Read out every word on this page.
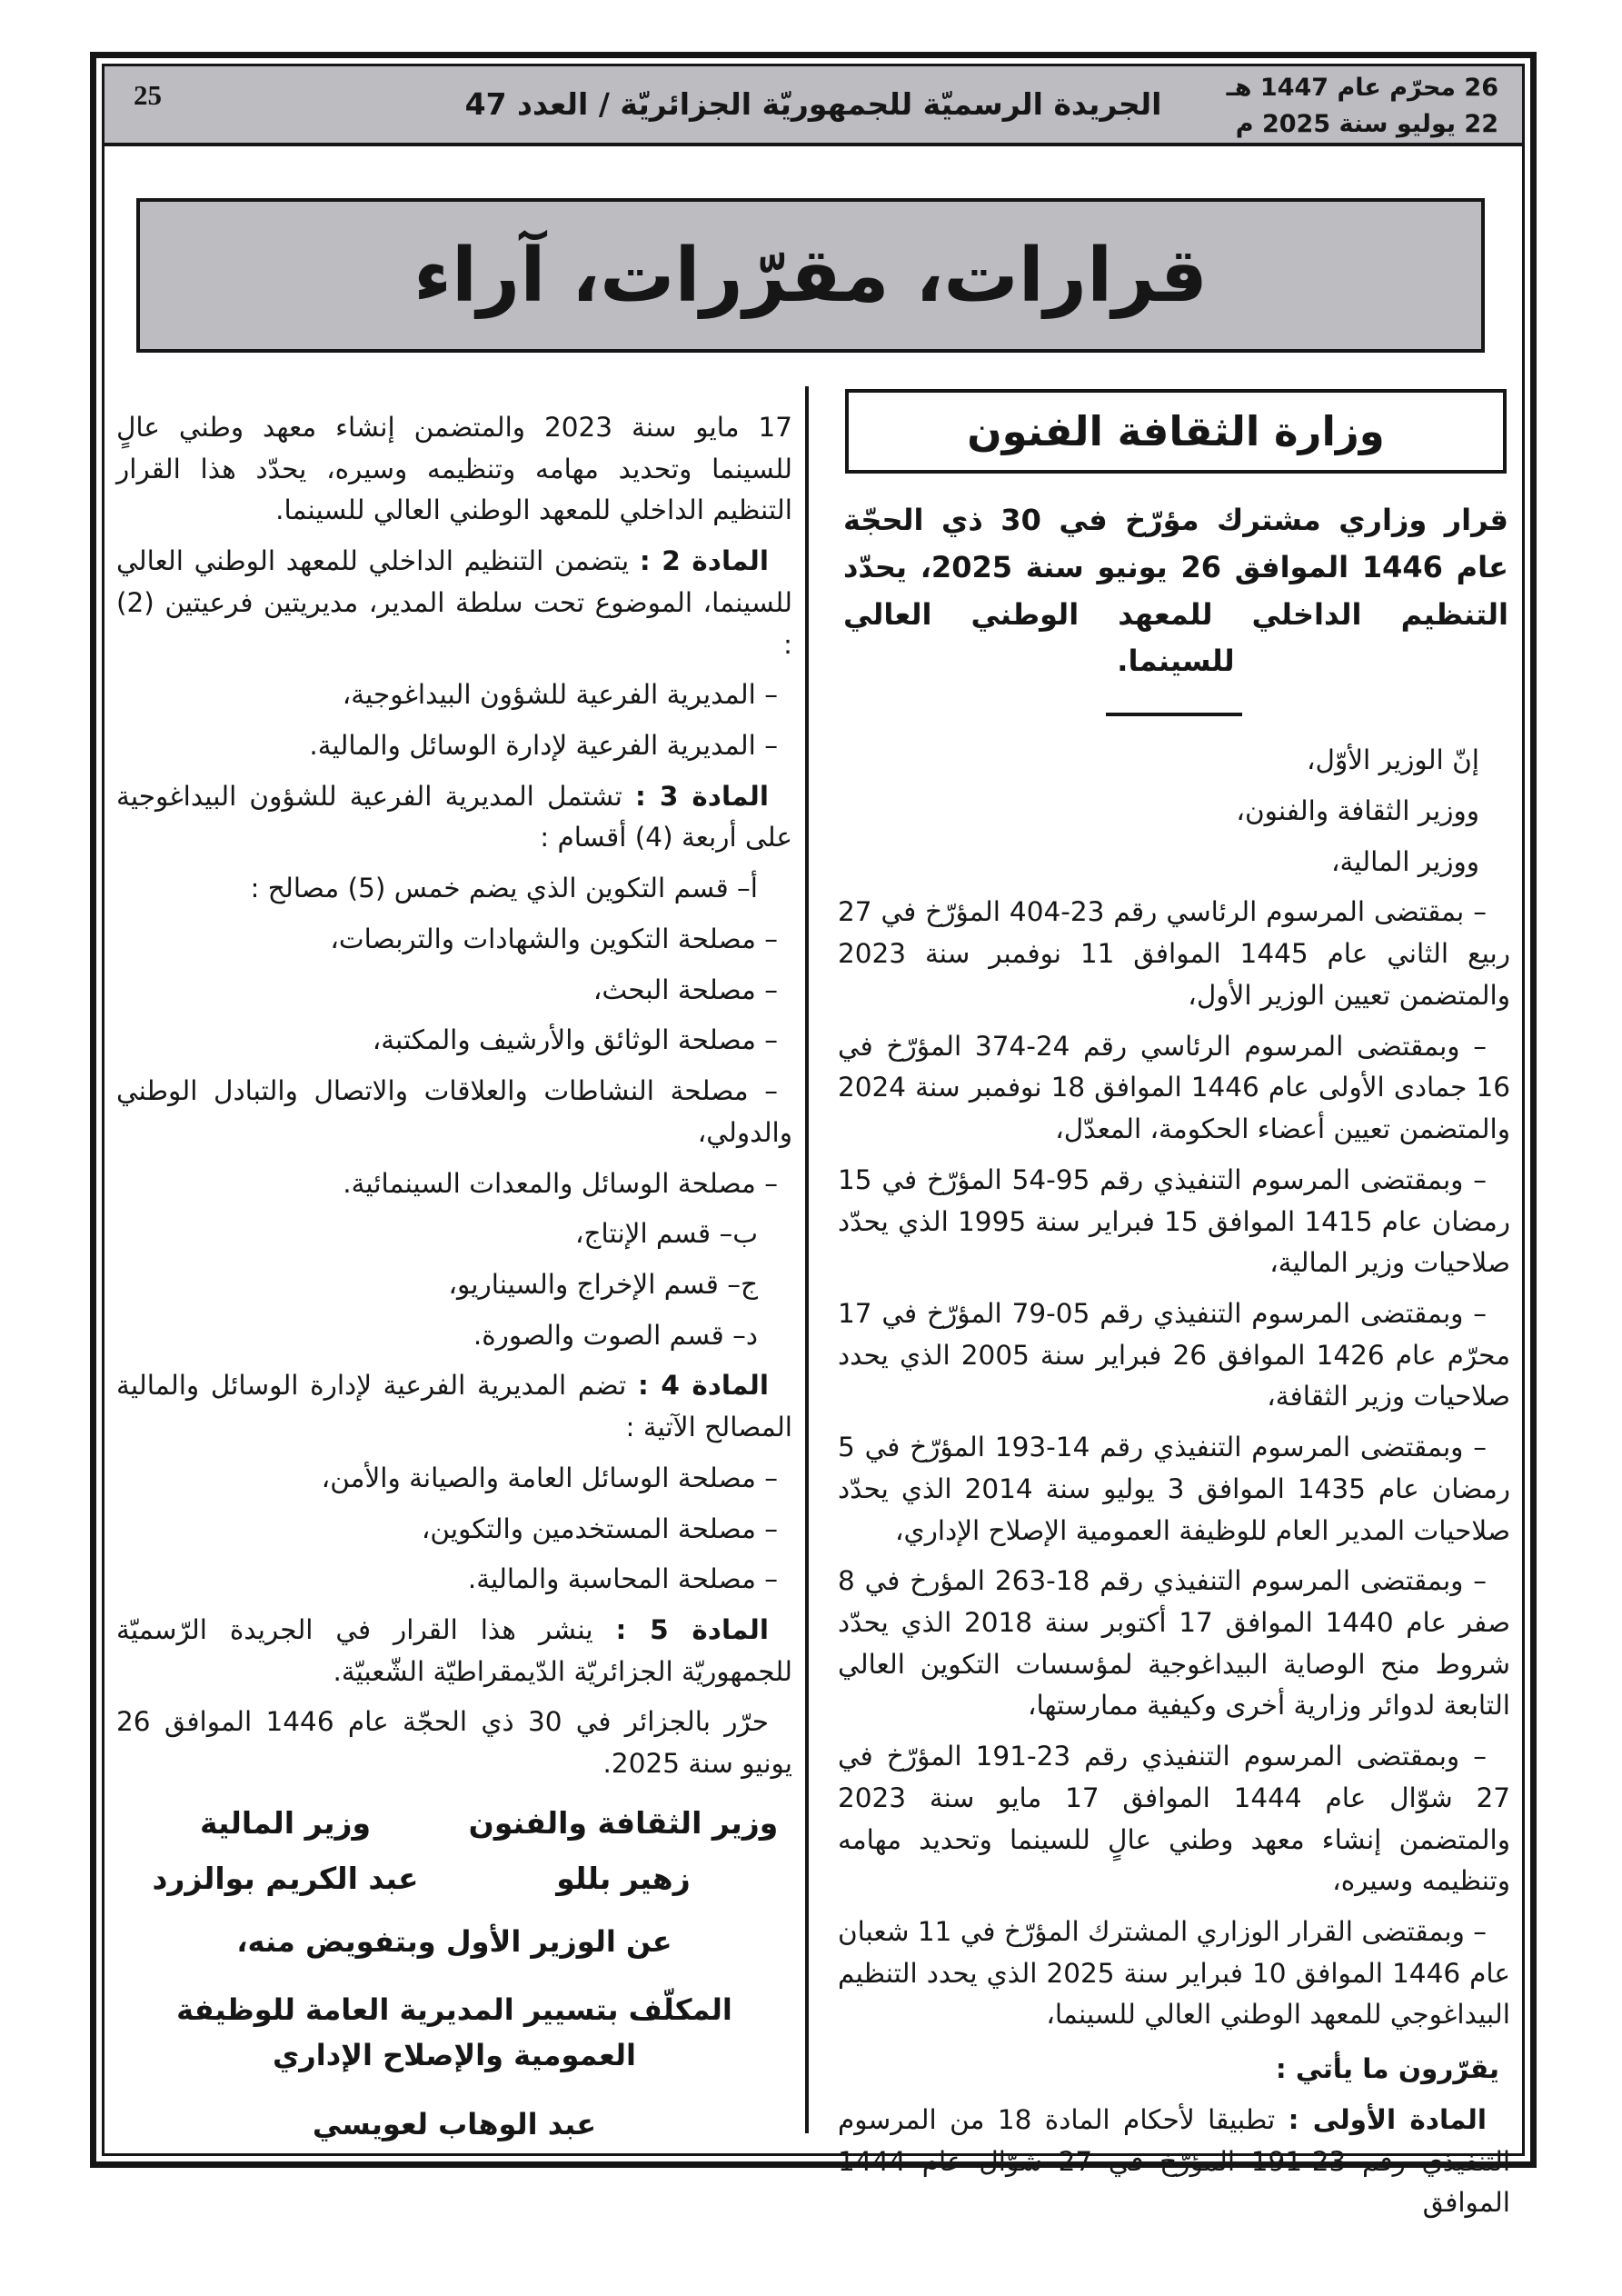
25	الجريدة الرسميّة للجمهوريّة الجزائريّة / العدد 47	26 محرّم عام 1447 هـ
22 يوليو سنة 2025 م
قرارات، مقرّرات، آراء
وزارة الثقافة الفنون
قرار وزاري مشترك مؤرّخ في 30 ذي الحجّة عام 1446 الموافق 26 يونيو سنة 2025، يحدّد التنظيم الداخلي للمعهد الوطني العالي للسينما.

إنّ الوزير الأوّل،

ووزير الثقافة والفنون،

ووزير المالية،

– بمقتضى المرسوم الرئاسي رقم 23-404 المؤرّخ في 27 ربيع الثاني عام 1445 الموافق 11 نوفمبر سنة 2023 والمتضمن تعيين الوزير الأول،

– وبمقتضى المرسوم الرئاسي رقم 24-374 المؤرّخ في 16 جمادى الأولى عام 1446 الموافق 18 نوفمبر سنة 2024 والمتضمن تعيين أعضاء الحكومة، المعدّل،

– وبمقتضى المرسوم التنفيذي رقم 95-54 المؤرّخ في 15 رمضان عام 1415 الموافق 15 فبراير سنة 1995 الذي يحدّد صلاحيات وزير المالية،

– وبمقتضى المرسوم التنفيذي رقم 05-79 المؤرّخ في 17 محرّم عام 1426 الموافق 26 فبراير سنة 2005 الذي يحدد صلاحيات وزير الثقافة،

– وبمقتضى المرسوم التنفيذي رقم 14-193 المؤرّخ في 5 رمضان عام 1435 الموافق 3 يوليو سنة 2014 الذي يحدّد صلاحيات المدير العام للوظيفة العمومية الإصلاح الإداري،

– وبمقتضى المرسوم التنفيذي رقم 18-263 المؤرخ في 8 صفر عام 1440 الموافق 17 أكتوبر سنة 2018 الذي يحدّد شروط منح الوصاية البيداغوجية لمؤسسات التكوين العالي التابعة لدوائر وزارية أخرى وكيفية ممارستها،

– وبمقتضى المرسوم التنفيذي رقم 23-191 المؤرّخ في 27 شوّال عام 1444 الموافق 17 مايو سنة 2023 والمتضمن إنشاء معهد وطني عالٍ للسينما وتحديد مهامه وتنظيمه وسيره،

– وبمقتضى القرار الوزاري المشترك المؤرّخ في 11 شعبان عام 1446 الموافق 10 فبراير سنة 2025 الذي يحدد التنظيم البيداغوجي للمعهد الوطني العالي للسينما،

يقرّرون ما يأتي :

المادة الأولى : تطبيقا لأحكام المادة 18 من المرسوم التنفيذي رقم 23-191 المؤرّخ في 27 شوّال عام 1444 الموافق

17 مايو سنة 2023 والمتضمن إنشاء معهد وطني عالٍ للسينما وتحديد مهامه وتنظيمه وسيره، يحدّد هذا القرار التنظيم الداخلي للمعهد الوطني العالي للسينما.

المادة 2 : يتضمن التنظيم الداخلي للمعهد الوطني العالي للسينما، الموضوع تحت سلطة المدير، مديريتين فرعيتين (2) :

– المديرية الفرعية للشؤون البيداغوجية،

– المديرية الفرعية لإدارة الوسائل والمالية.

المادة 3 : تشتمل المديرية الفرعية للشؤون البيداغوجية على أربعة (4) أقسام :

أ– قسم التكوين الذي يضم خمس (5) مصالح :

– مصلحة التكوين والشهادات والتربصات،

– مصلحة البحث،

– مصلحة الوثائق والأرشيف والمكتبة،

– مصلحة النشاطات والعلاقات والاتصال والتبادل الوطني والدولي،

– مصلحة الوسائل والمعدات السينمائية.

ب– قسم الإنتاج،

ج– قسم الإخراج والسيناريو،

د– قسم الصوت والصورة.

المادة 4 : تضم المديرية الفرعية لإدارة الوسائل والمالية المصالح الآتية :

– مصلحة الوسائل العامة والصيانة والأمن،

– مصلحة المستخدمين والتكوين،

– مصلحة المحاسبة والمالية.

المادة 5 : ينشر هذا القرار في الجريدة الرّسميّة للجمهوريّة الجزائريّة الدّيمقراطيّة الشّعبيّة.

حرّر بالجزائر في 30 ذي الحجّة عام 1446 الموافق 26 يونيو سنة 2025.

وزير الثقافة والفنون
وزير المالية
زهير بللو
عبد الكريم بوالزرد
عن الوزير الأول وبتفويض منه،
المكلّف بتسيير المديرية العامة للوظيفة العمومية والإصلاح الإداري
عبد الوهاب لعويسي
